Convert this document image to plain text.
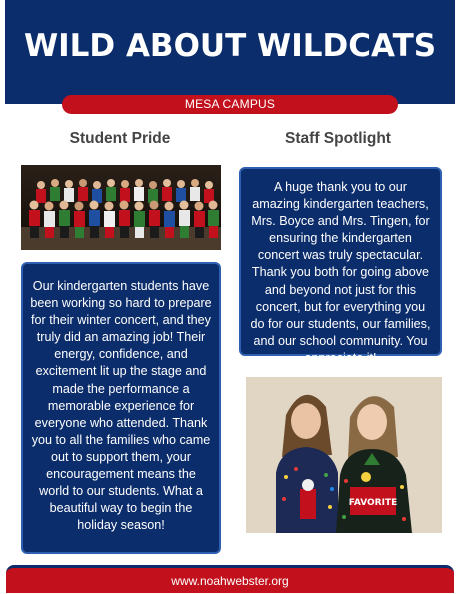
WILD ABOUT WILDCATS
MESA CAMPUS
Student Pride	Staff Spotlight
Our kindergarten students have been working so hard to prepare for their winter concert, and they truly did an amazing job! Their energy, confidence, and excitement lit up the stage and made the performance a memorable experience for everyone who attended. Thank you to all the families who came out to support them, your encouragement means the world to our students. What a beautiful way to begin the holiday season!
A huge thank you to our amazing kindergarten teachers, Mrs. Boyce and Mrs. Tingen, for ensuring the kindergarten concert was truly spectacular. Thank you both for going above and beyond not just for this concert, but for everything you do for our students, our families, and our school community. You appreciate it!
FAVORITE
www.noahwebster.org
